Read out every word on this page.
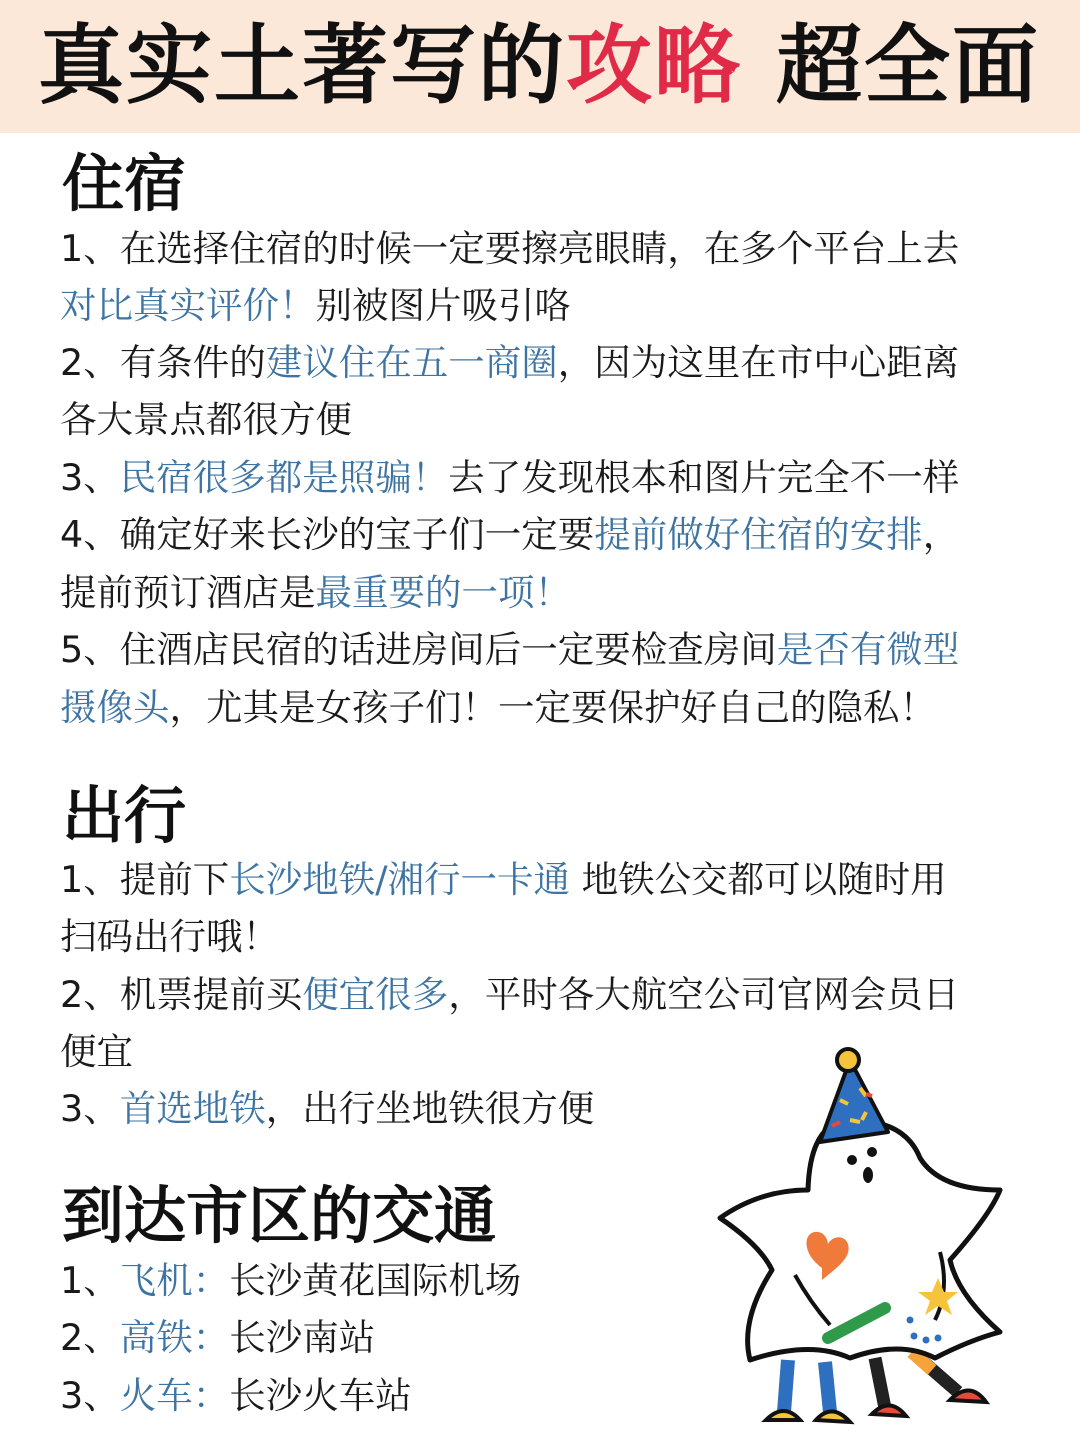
真实土著写的攻略 超全面
住宿
1、在选择住宿的时候一定要擦亮眼睛，在多个平台上去
对比真实评价！别被图片吸引咯
2、有条件的建议住在五一商圈，因为这里在市中心距离
各大景点都很方便
3、民宿很多都是照骗！去了发现根本和图片完全不一样
4、确定好来长沙的宝子们一定要提前做好住宿的安排，
提前预订酒店是最重要的一项！
5、住酒店民宿的话进房间后一定要检查房间是否有微型
摄像头，尤其是女孩子们！一定要保护好自己的隐私！
出行
1、提前下长沙地铁/湘行一卡通 地铁公交都可以随时用
扫码出行哦！
2、机票提前买便宜很多，平时各大航空公司官网会员日
便宜
3、首选地铁，出行坐地铁很方便
到达市区的交通
1、飞机：长沙黄花国际机场
2、高铁：长沙南站
3、火车：长沙火车站
